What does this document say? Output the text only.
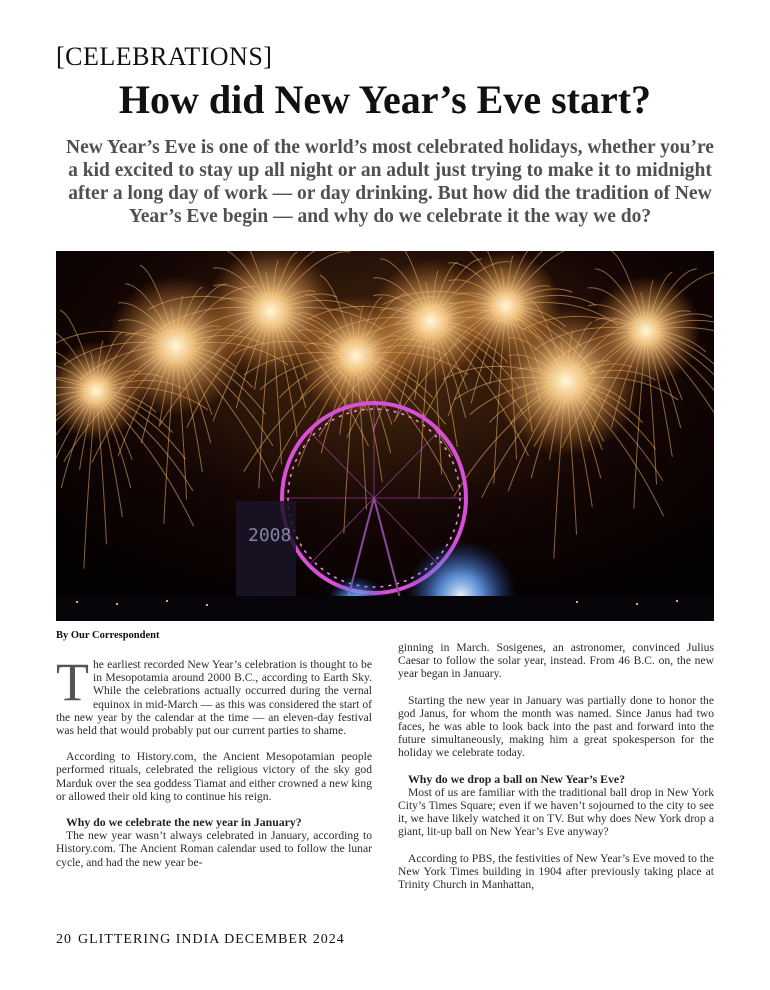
[CELEBRATIONS]
How did New Year’s Eve start?
New Year’s Eve is one of the world’s most celebrated holidays, whether you’re a kid excited to stay up all night or an adult just trying to make it to midnight after a long day of work — or day drinking. But how did the tradition of New Year’s Eve begin — and why do we celebrate it the way we do?
2008
By Our Correspondent

The earliest recorded New Year’s celebration is thought to be in Mesopotamia around 2000 B.C., according to Earth Sky. While the celebrations actually occurred during the vernal equinox in mid-March — as this was considered the start of the new year by the calendar at the time — an eleven-day festival was held that would probably put our current parties to shame.

According to History.com, the Ancient Mesopotamian people performed rituals, celebrated the religious victory of the sky god Marduk over the sea goddess Tiamat and either crowned a new king or allowed their old king to continue his reign.

Why do we celebrate the new year in January?

The new year wasn’t always celebrated in January, according to History.com. The Ancient Roman calendar used to follow the lunar cycle, and had the new year be-

ginning in March. Sosigenes, an astronomer, convinced Julius Caesar to follow the solar year, instead. From 46 B.C. on, the new year began in January.

Starting the new year in January was partially done to honor the god Janus, for whom the month was named. Since Janus had two faces, he was able to look back into the past and forward into the future simultaneously, making him a great spokesperson for the holiday we celebrate today.

Why do we drop a ball on New Year’s Eve?

Most of us are familiar with the traditional ball drop in New York City’s Times Square; even if we haven’t sojourned to the city to see it, we have likely watched it on TV. But why does New York drop a giant, lit-up ball on New Year’s Eve anyway?

According to PBS, the festivities of New Year’s Eve moved to the New York Times building in 1904 after previously taking place at Trinity Church in Manhattan,

20 GLITTERING INDIA DECEMBER 2024
